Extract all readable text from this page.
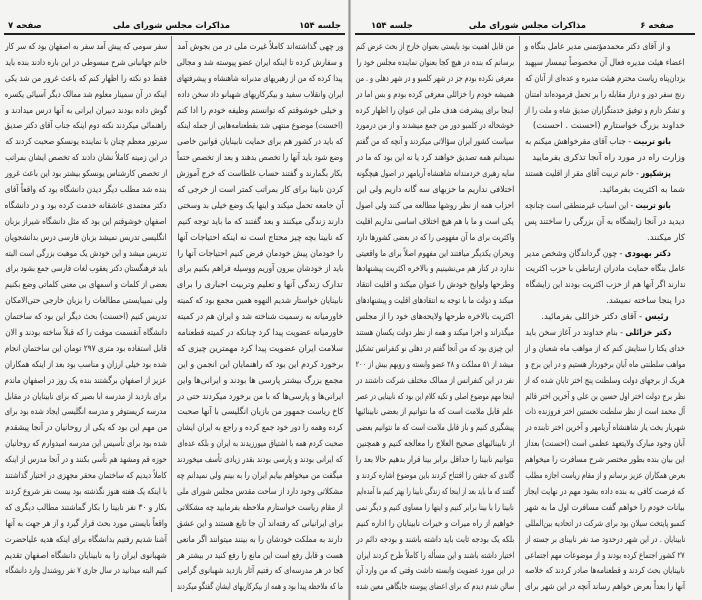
صفحه ۷	مذاکرات مجلس شورای ملی	جلسه ۱۵۴
سفر سومی که پیش آمد سفر به اصفهان بود که سر کار
خانم جهانبانی شرح مبسوطی در این باره دادند بنده باید
فقط دو نکته را اظهار کنم که باعث غرور من شد یکی
اینکه در آن سمینار معلوم شد ممالک دیگر آسیائی یکسره
گوش داده بودند دبیران ایرانی به آنها درس میدادند و
راهنمائی میکردند نکته دوم اینکه جناب آقای دکتر صدیق
سرتور معظم چنان با نماینده یونسکو صحبت کردند که
در این زمینه کاملاً نشان دادند که تخصص ایشان بمراتب
از تخصص کارشناس یونسکو بیشتر بود این باعث غرور
بنده شد مطلب دیگر دیدن دانشگاه بود که واقعاً آقای
دکتر معتمدی عاشقانه خدمت کرده بود و در دانشگاه
اصفهان خوشوقتم این بود که مثل دانشگاه شیراز بزبان
انگلیسی تدریس نمیشد بزبان فارسی درس بدانشجویان
تدریس میشد و این خودش یک موهبت بزرگی است البته
باید فرهنگستان دکتر یعقوب لغات فارسی جمع بشود برای
بعضی از کلمات و اسمهای بی معنی کلماتی وضع بکنیم
ولی نمیبایستی مطالعات را بزبان خارجی حتی‌الامکان
تدریس کنیم (احسنت) بحث دیگر این بود که ساختمان
دانشگاه آنقسمت موقت را که قبلاً ساخته بودند و الان
قابل استفاده بود متری ۲۹۷ تومان این ساختمان انجام
شده بود خیلی ارزان و مناسب بود بعد از اینکه همکاران
عزیز از اصفهان برگشتند بنده یک روز در اصفهان ماندم
برای بازدید از مدرسه ابا بصیر که برای نابینایان در مقابل
مدرسه کریستوفر و مدرسه انگلیسی ایجاد شده بود برای
من مهم این بود که یکی از روحانیان در آنجا پیشقدم
شده بود برای تأسیس این مدرسه امیدوارم که روحانیان
حوزه قم ومشهد هم تأسی بکنند و در آنجا مدرس از اینکه
کاملاً دیدیم که ساختمان محقر مجهزی در اختیار گذاشتند
با اینکه یک هفته هنوز نگذشته بود بیست نفر شروع کردند
بکار و ۳۰ نفر نابینا را بکار گماشتند مطالب دیگری که
واقعاً بایستی مورد بحث قرار گیرد و از هر جهت به آنها
آشنا شدیم رفتیم بدانشگاه برای اینکه هدیه علیاحضرت
شهبانوی ایران را به نابینایان دانشگاه اصفهان تقدیم
کنیم البته میدانید در سال جاری ۷ نفر روشندل وارد دانشگاه
ور چهی گذاشته‌اند کاملاً غیرت ملی در من بجوش آمد
و سفارش کرده تا اینکه ایران عضو پیوسته شد و مجالی
پیدا کرده که من از رهبریهای مدبرانه شاهنشاه و پیشرفتهای
ایران وانقلاب سفید و بیکرکاریهای شهبانو داد سخن داده
و خیلی خوشوقتم که توانستم وظیفه خودم را ادا کنم
(احسنت) موضوع منتهی شد بقطعنامه‌هایی از جمله اینکه
که باید در کشور هم برای حمایت نابینایان قوانین خاصی
وضع شود باید آنها را تخصص بدهند و بعد از تخصص حتماً
بکار بگمارند و گفتند حساب غلطاست که خرج آموزش
کردن نابینا برای کار بمراتب کمتر است از خرجی که
آن جامعه تحمل میکند و اینها یک وضع خیلی بد وسختی
دارند زندگی میکنند و بعد گفتند که ما باید توجه کنیم
که نابینا بچه چیز محتاج است نه اینکه احتیاجات آنها
را خودمان پیش خودمان فرض کنیم احتیاجات آنها را
باید از خودشان بیرون آوریم ووسیله فراهم بکنیم برای
تدارک زندگی آنها و تعلیم وتربیت اجباری را برای
نابینایان خواستار شدیم النهوه همین مجمع بود که کمیته
خاورمیانه به رسمیت شناخته شد و ایران هم در کمیته
خاورمیانه عضویت پیدا کرد چنانکه در کمیته قطعنامه
سلامت ایران عضویت پیدا کرد مهمترین چیزی که
برخورد کردم این بود که راهنمایان این انجمن و این
مجمع بزرگ بیشتر پارسی ها بودند و ایرانی‌ها واین
ایرانی‌ها و پارسی‌ها که با من برخورد میکردند حتی در
کاخ ریاست جمهور من بازبان انگلیسی با آنها صحبت
کرده وهمه را دور خود جمع کرده و راجع به ایران ایشان
صحبت کردم همه با اشتیاق میورزیدند به ایران و بلکه عده‌ای
که ایرانی بودند و پارسی بودند بقدر زیادی تأسف میخوردند
میگفت من میخواهم بیایم ایران را به بینم ولی نمیدانم چه
مشکلاتی وجود دارد از ساحت مقدس مجلس شورای ملی
از مقام ریاست خواستارم ملاحظه بفرمایید چه مشکلاتی
برای ایرانیانی که رفته‌اند آن جا تابع هستند و این عشق
دارند به مملکت خودشان را به بینند میتوانند اگر مانعی
هست و قابل رفع است این مانع را رفع کنید در بیشتر هر
کجا در هر مدرسه‌ای که رفتیم آثار بازدید شهبانوی گرامی
ما که ملاحظه پیدا بود و همه از بیکرکاریهای ایشان گفتگو میکردند
جلسه ۱۵۴	مذاکرات مجلس شورای ملی	صفحه ۶
من قابل اهمیت بود بایستی بعنوان خارج از بحث عرض کنم
برسانم که بنده در هیچ کجا بعنوان نماینده مجلس خود را
معرفی نکرده بودم جز در شهر کلمبو و در شهر دهلی و . من
همیشه خودم را خزائلی معرفی کرده بودم و بس اما در
اینجا برای پیشرفت هدف ملی این عنوان را اظهار کرده
خوشحاله در کلمبو دور من جمع میشدند و از من درمورد
سیاست کشور ایران سؤالاتی میکردند و آنچه که من گفتم
نمیدانم همه تصدیق خواهند کرد یا نه این بود که ما در
سایه رهبری خردمندانه شاهنشاه آریامهر در اصول هیچگونه
اختلافی نداریم ما حزبهای سه گانه داریم ولی این
احزاب همه از نظر روشها مطالعه می کنند ولی اصول
یکی است و ما با هم هیچ اختلاف اساسی نداریم اقلیت
واکثریت برای ما آن مفهومی را که در بعضی کشورها دارد
وبحران یکدیگر میافتند این مفهوم اصلاً برای ما واقعیتی
ندارد در کنار هم می‌نشینیم و بالاخره اکثریت پیشنهادها
وطرحها ولوایح خودش را عنوان میکند و اقلیت انتقاد
میکند و دولت ما با توجه به انتقادهای اقلیت و پیشنهادهای
اکثریت بالاخره طرحها ولایحه‌های خود را از مجلس
میگذراند و اجرا میکند و همه از نظر دولت یکسان هستند
این چیزی بود که من آنجا گفتم در دهلی نو کنفرانس تشکیل
میشد از ۵۱ مملکت و ۲۸ عضو وابسته و روبهم بیش از ۲۰۰
نفر در این کنفرانس از ممالک مختلف شرکت داشتند در
اینجا مهم موضوع اصلی و تکیه کلام این بود که نابینایی در عصر
علم قابل ملامت است که ما نتوانیم از بعضی نابینائیها
پیشگیری کنیم و باز قابل ملامت است که ما نتوانیم بعضی
از نابینائیهای صحیح العلاج را معالجه کنیم و همچنین
نتوانیم نابینا را حداقل برابر بینا قرار بدهیم حالا بعد را
گاندی که جشن را افتتاح کردند باین موضوع اشاره کردند و
گفتند که ما باید بعد از اینجا که زندگی نابینا را بهتر کنیم ما آمده‌ایم
نابینا را با بینا برابر کنیم و اینها را مساوی کنیم و دیگر نمی
خواهیم از راه میرات و خیرات نابینایان را اداره کنیم
بلکه یک بودجه ثابت باید داشته باشند و بودجه دائم در
اختیار داشته باشند و این مسأله را کاملاً طرح کردند ایران
در این مورد عضویت وابسته داشت وقتی که من وارد آن
سالن شدم دیدم که برای اعضای پیوسته جایگاهی معین شده
و از آقای دکتر محمدمؤتمنی مدیر عامل بنگاه و
اعضاء هیئت مدیره فعال آن مخصوصاً تیمسار سپهبد
یزدان‌پناه ریاست محترم هیئت مدیره و عده‌ای از آنان که
رنج سفر دور و دراز مقابله را بر تحمل فرموده‌اند امتنان
و تشکر دارم و توفیق خدمتگزاران صدیق شاه و ملت را از
خداوند بزرگ خواستارم (احسنت . احسنت)
بانو تربیت - جناب آقای مقرخواهش میکنم به
وزارت راه در مورد راه آنجا تذکری بفرمایید
پزشکپور - خانم تربیت آقای مقر از اقلیت هستند
شما به اکثریت بفرمائید.
بانو تربیت - این اسباب غیرمنطقی است چنانچه
دیدید در آنجا زایشگاه به آن بزرگی را ساختند پس
کار میکنند.
دکتر بهبودی - چون گرداندگان وشخص مدیر
عامل بنگاه حمایت مادران ارتباطی با حزب اکثریت
ندارند اگر آنها هم از حزب اکثریت بودند این زایشگاه
درا ینجا ساخته نمیشد.
رئیس - آقای دکتر خزائلی بفرمائید.
دکتر خزائلی - بنام خداوند در آغاز سخن باید
خدای یکتا را ستایش کنم که از مواهب ماه شعبان و از
مواهب سلطنتی ماه آبان برخوردار هستیم و در این برج و
هریک از برجهای دولت وسلطنت پنج اختر تابان شده که از
نظر برج دولت اختر اول حسین بن علی و آخرین اختر قائم
آل محمد است از نظر سلطنت نخستین اختر فروزنده ذات
شهریار بخت یار شاهنشاه آریامهر و آخرین اختر تابنده در
آبان وجود مبارک ولایتعهد عظمی است (احسنت) بعداز
این بیان بنده بطور مختصر شرح مسافرت را میخواهم
بعرض همکاران عزیز برسانم و از مقام ریاست اجازه مطلب
که فرصت کافی به بنده داده بشود مهم در نهایت ایجاز
بیانات خودم را خواهم گفت مسافرت اول ما به شهر
کنمبو پایتخت سیلان بود برای شرکت در اتحادیه بین‌المللی
نابینایان . در این شهر درحدود صد نفر نابینای بر جسته از
۲۷ کشور اجتماع کرده بودند و از موضوعات مهم اجتماعی
نابینایان بحث کردند و قطعنامه‌ها صادر کردند که خلاصه
آنها را بعداً بعرض خواهم رساند آنچه در این شهر برای
